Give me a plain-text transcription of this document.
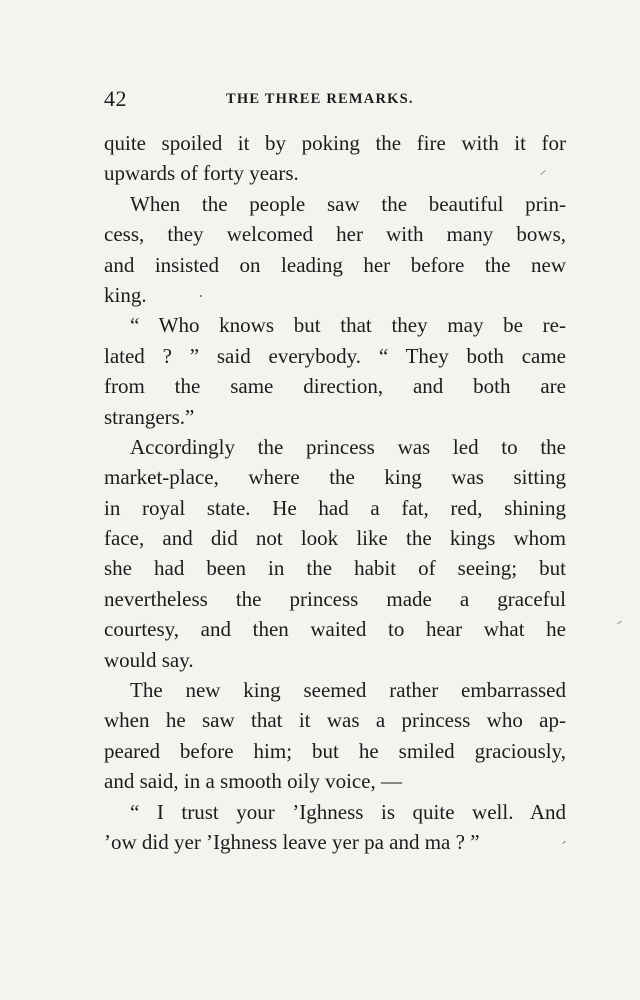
42	THE THREE REMARKS.
quite spoiled it by poking the fire with it for
upwards of forty years.
When the people saw the beautiful prin-
cess, they welcomed her with many bows,
and insisted on leading her before the new
king.
“ Who knows but that they may be re-
lated ? ” said everybody. “ They both came
from the same direction, and both are
strangers.”
Accordingly the princess was led to the
market-place, where the king was sitting
in royal state. He had a fat, red, shining
face, and did not look like the kings whom
she had been in the habit of seeing; but
nevertheless the princess made a graceful
courtesy, and then waited to hear what he
would say.
The new king seemed rather embarrassed
when he saw that it was a princess who ap-
peared before him; but he smiled graciously,
and said, in a smooth oily voice, —
“ I trust your ’Ighness is quite well. And
’ow did yer ’Ighness leave yer pa and ma ? ”
